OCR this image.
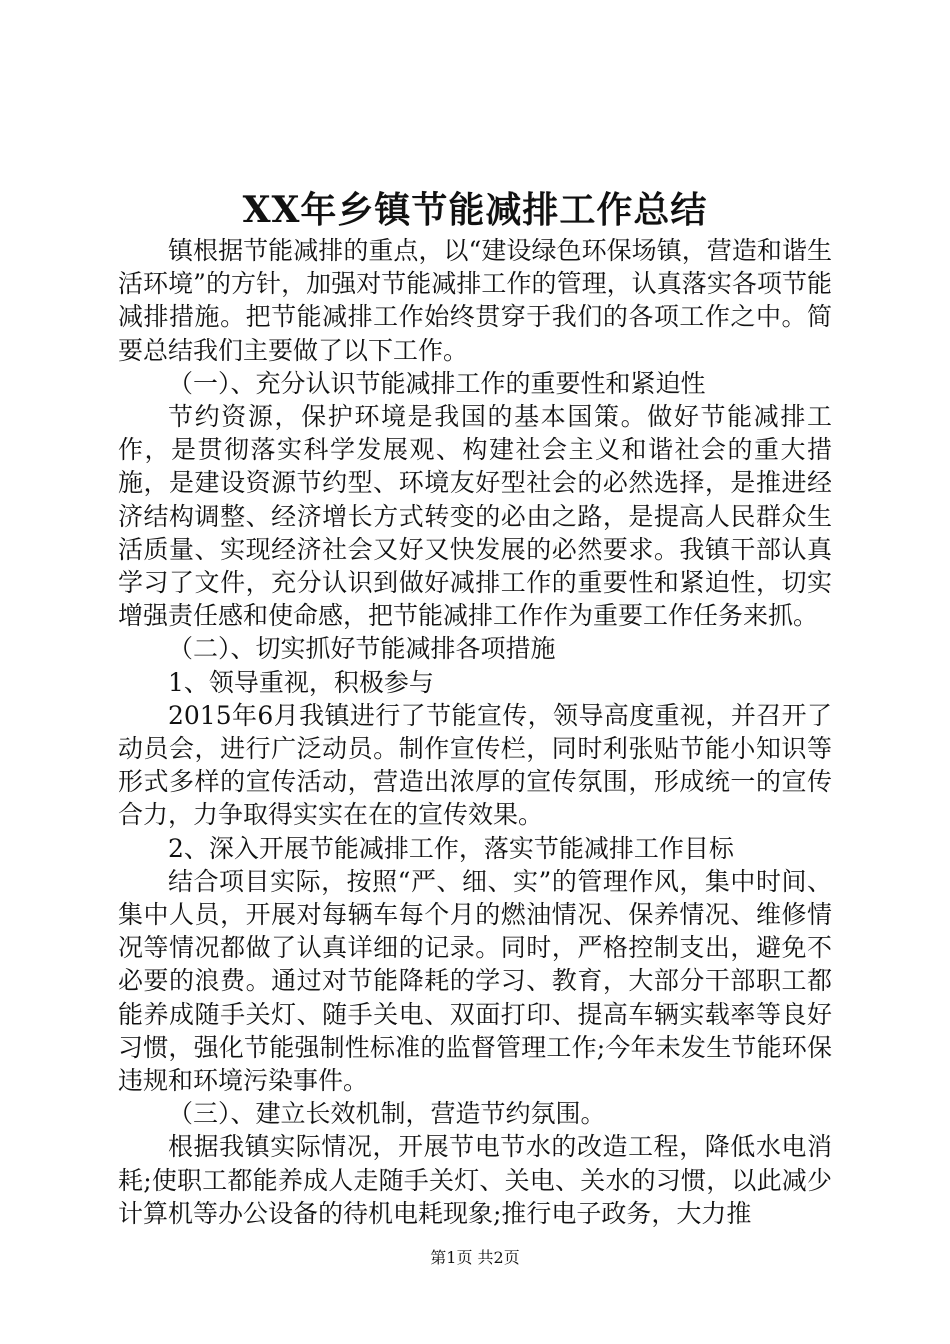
XX年乡镇节能减排工作总结

镇根据节能减排的重点，以“建设绿色环保场镇，营造和谐生活环境”的方针，加强对节能减排工作的管理，认真落实各项节能减排措施。把节能减排工作始终贯穿于我们的各项工作之中。简要总结我们主要做了以下工作。

（一）、充分认识节能减排工作的重要性和紧迫性

节约资源，保护环境是我国的基本国策。做好节能减排工作，是贯彻落实科学发展观、构建社会主义和谐社会的重大措施，是建设资源节约型、环境友好型社会的必然选择，是推进经济结构调整、经济增长方式转变的必由之路，是提高人民群众生活质量、实现经济社会又好又快发展的必然要求。我镇干部认真学习了文件，充分认识到做好减排工作的重要性和紧迫性，切实增强责任感和使命感，把节能减排工作作为重要工作任务来抓。

（二）、切实抓好节能减排各项措施

1、领导重视，积极参与

2015年6月我镇进行了节能宣传，领导高度重视，并召开了动员会，进行广泛动员。制作宣传栏，同时利张贴节能小知识等形式多样的宣传活动，营造出浓厚的宣传氛围，形成统一的宣传合力，力争取得实实在在的宣传效果。

2、深入开展节能减排工作，落实节能减排工作目标

结合项目实际，按照“严、细、实”的管理作风，集中时间、集中人员，开展对每辆车每个月的燃油情况、保养情况、维修情况等情况都做了认真详细的记录。同时，严格控制支出，避免不必要的浪费。通过对节能降耗的学习、教育，大部分干部职工都能养成随手关灯、随手关电、双面打印、提高车辆实载率等良好习惯，强化节能强制性标准的监督管理工作;今年未发生节能环保违规和环境污染事件。

（三）、建立长效机制，营造节约氛围。

根据我镇实际情况，开展节电节水的改造工程，降低水电消耗;使职工都能养成人走随手关灯、关电、关水的习惯，以此减少计算机等办公设备的待机电耗现象;推行电子政务，大力推

第1页 共2页
